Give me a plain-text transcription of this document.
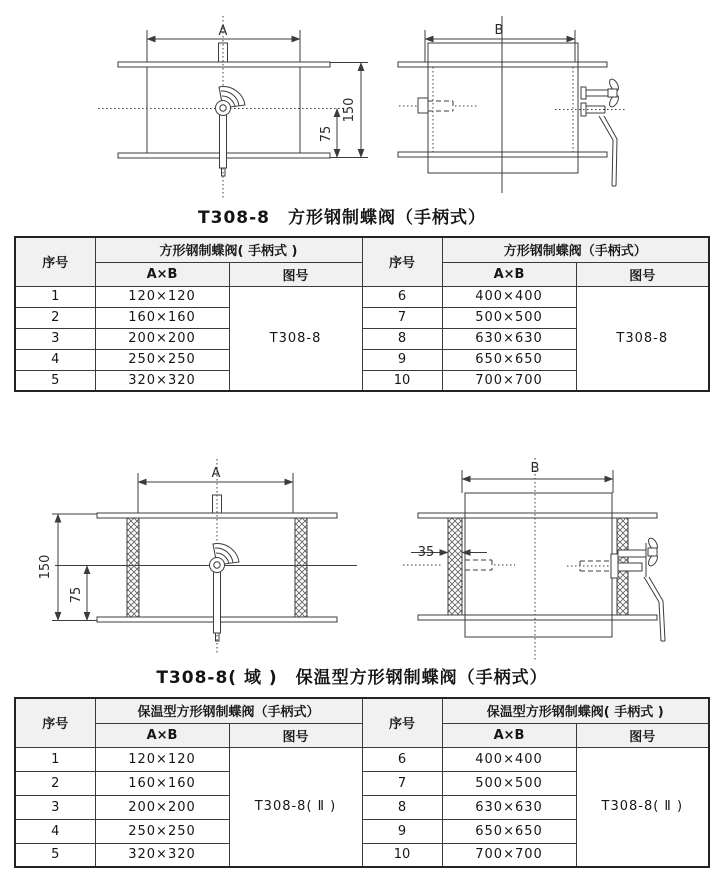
A
150
75
B
T308-8　方形钢制蝶阀（手柄式）
序号	方形钢制蝶阀( 手柄式 )		序号	方形钢制蝶阀（手柄式）	
	A×B	图号		A×B	图号
1	120×120	T308-8	6	400×400	T308-8
2	160×160		7	500×500	
3	200×200		8	630×630	
4	250×250		9	650×650	
5	320×320		10	700×700	
A
150
75
B
35
T308-8( 域 )　保温型方形钢制蝶阀（手柄式）
序号	保温型方形钢制蝶阀（手柄式）		序号	保温型方形钢制蝶阀( 手柄式 )	
	A×B	图号		A×B	图号
1	120×120	T308-8( Ⅱ )	6	400×400	T308-8( Ⅱ )
2	160×160		7	500×500	
3	200×200		8	630×630	
4	250×250		9	650×650	
5	320×320		10	700×700	
